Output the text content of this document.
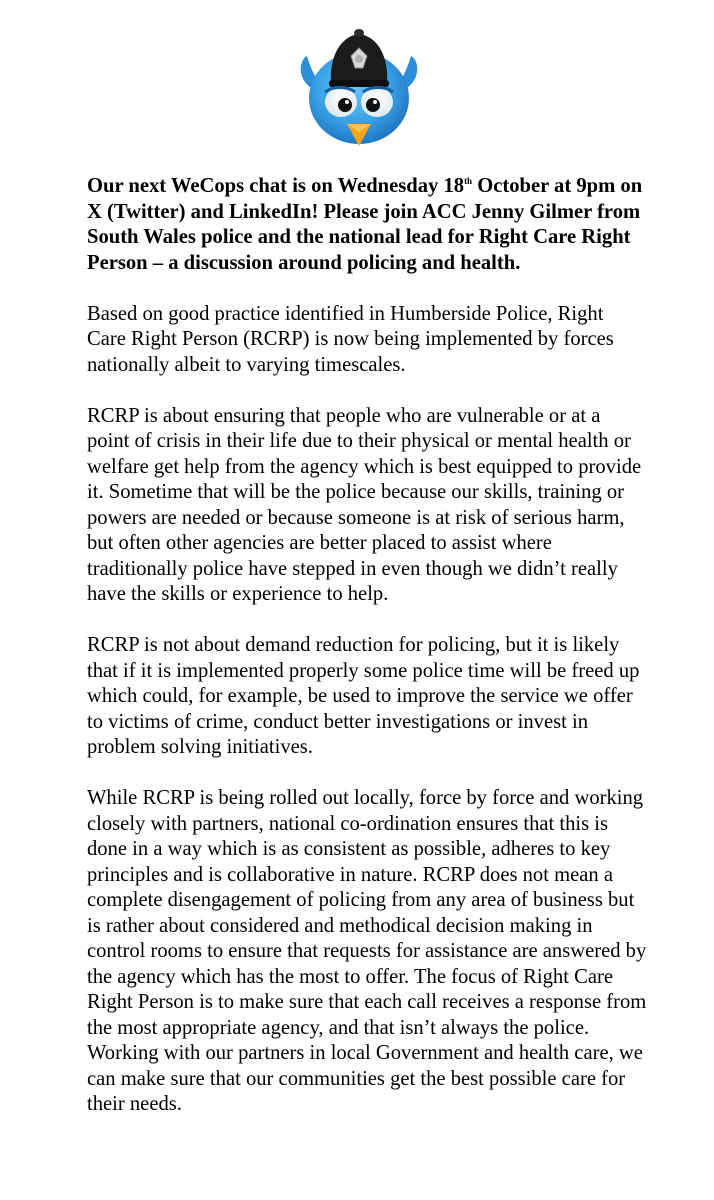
Our next WeCops chat is on Wednesday 18th October at 9pm on X (Twitter) and LinkedIn! Please join ACC Jenny Gilmer from South Wales police and the national lead for Right Care Right Person – a discussion around policing and health.

Based on good practice identified in Humberside Police, Right Care Right Person (RCRP) is now being implemented by forces nationally albeit to varying timescales.

RCRP is about ensuring that people who are vulnerable or at a point of crisis in their life due to their physical or mental health or welfare get help from the agency which is best equipped to provide it. Sometime that will be the police because our skills, training or powers are needed or because someone is at risk of serious harm, but often other agencies are better placed to assist where traditionally police have stepped in even though we didn’t really have the skills or experience to help.

RCRP is not about demand reduction for policing, but it is likely that if it is implemented properly some police time will be freed up which could, for example, be used to improve the service we offer to victims of crime, conduct better investigations or invest in problem solving initiatives.

While RCRP is being rolled out locally, force by force and working closely with partners, national co-ordination ensures that this is done in a way which is as consistent as possible, adheres to key principles and is collaborative in nature. RCRP does not mean a complete disengagement of policing from any area of business but is rather about considered and methodical decision making in control rooms to ensure that requests for assistance are answered by the agency which has the most to offer. The focus of Right Care Right Person is to make sure that each call receives a response from the most appropriate agency, and that isn’t always the police. Working with our partners in local Government and health care, we can make sure that our communities get the best possible care for their needs.
